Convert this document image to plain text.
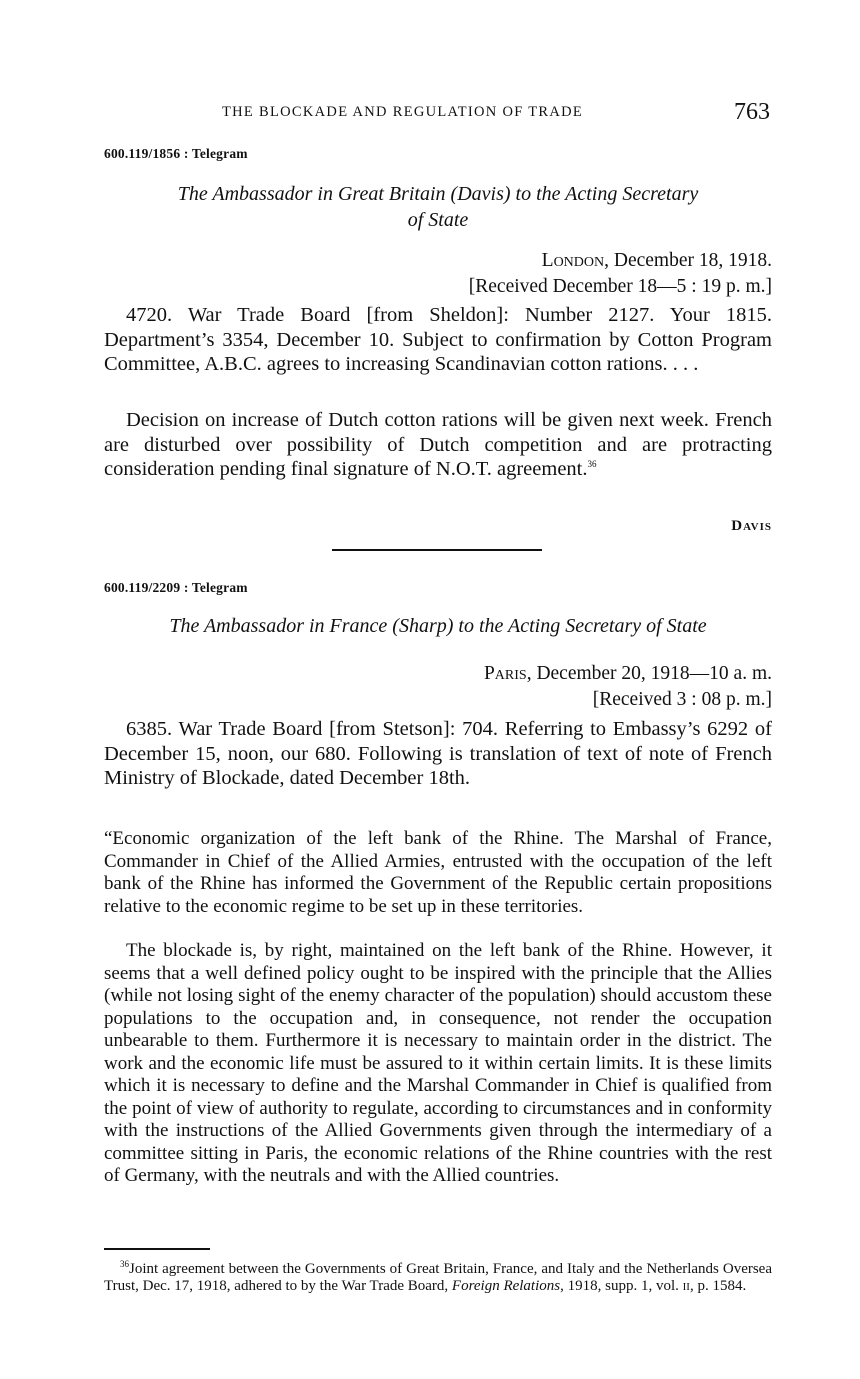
THE BLOCKADE AND REGULATION OF TRADE	763
600.119/1856 : Telegram
The Ambassador in Great Britain (Davis) to the Acting Secretary
of State
London, December 18, 1918.
[Received December 18—5 : 19 p. m.]
4720. War Trade Board [from Sheldon]: Number 2127. Your 1815. Department’s 3354, December 10. Subject to confirmation by Cotton Program Committee, A.B.C. agrees to increasing Scandinavian cotton rations. . . .
Decision on increase of Dutch cotton rations will be given next week. French are disturbed over possibility of Dutch competition and are protracting consideration pending final signature of N.O.T. agreement.$^{36}$
Davis
600.119/2209 : Telegram
The Ambassador in France (Sharp) to the Acting Secretary of State
Paris, December 20, 1918—10 a. m.
[Received 3 : 08 p. m.]
6385. War Trade Board [from Stetson]: 704. Referring to Embassy’s 6292 of December 15, noon, our 680. Following is translation of text of note of French Ministry of Blockade, dated December 18th.
“Economic organization of the left bank of the Rhine. The Marshal of France, Commander in Chief of the Allied Armies, entrusted with the occupation of the left bank of the Rhine has informed the Government of the Republic certain propositions relative to the economic regime to be set up in these territories.
The blockade is, by right, maintained on the left bank of the Rhine. However, it seems that a well defined policy ought to be inspired with the principle that the Allies (while not losing sight of the enemy character of the population) should accustom these populations to the occupation and, in consequence, not render the occupation unbearable to them. Furthermore it is necessary to maintain order in the district. The work and the economic life must be assured to it within certain limits. It is these limits which it is necessary to define and the Marshal Commander in Chief is qualified from the point of view of authority to regulate, according to circumstances and in conformity with the instructions of the Allied Governments given through the intermediary of a committee sitting in Paris, the economic relations of the Rhine countries with the rest of Germany, with the neutrals and with the Allied countries.
$^{36}$Joint agreement between the Governments of Great Britain, France, and Italy and the Netherlands Oversea Trust, Dec. 17, 1918, adhered to by the War Trade Board, Foreign Relations, 1918, supp. 1, vol. ii, p. 1584.
